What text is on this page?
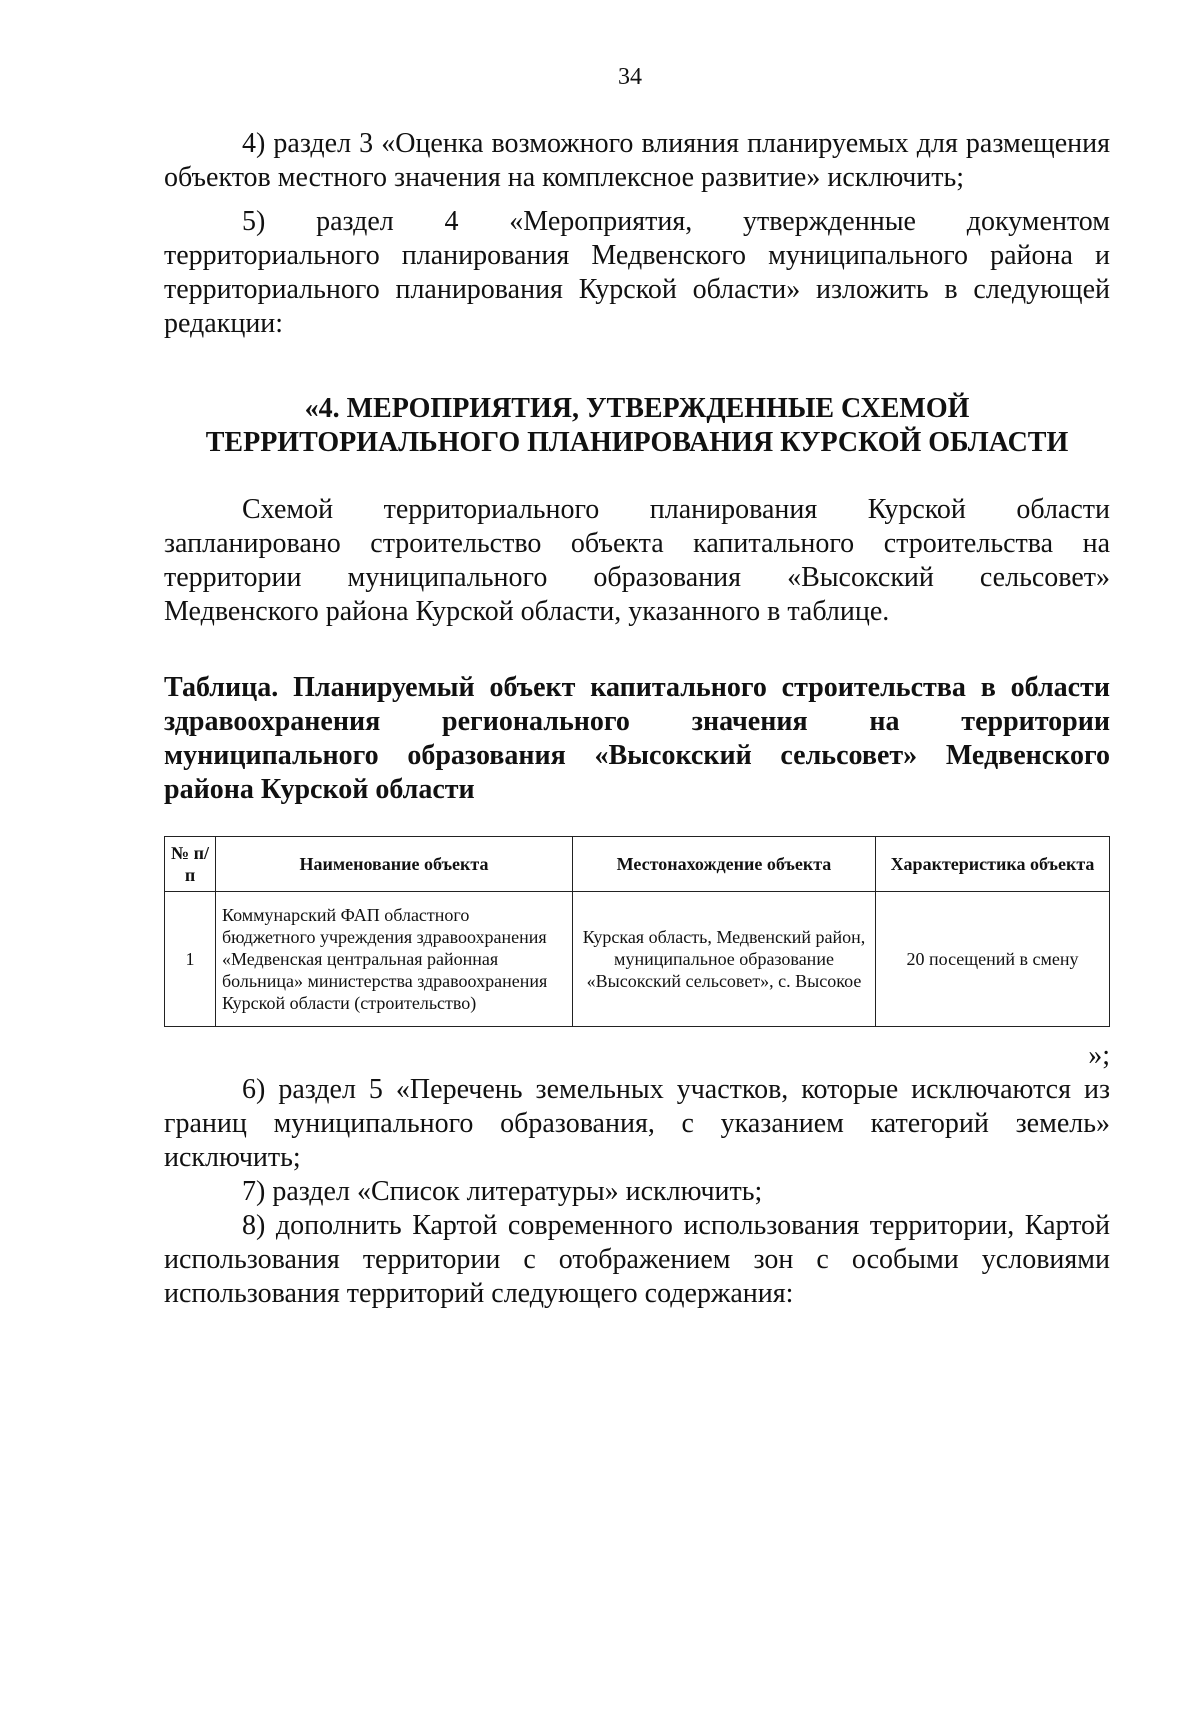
34
4) раздел 3 «Оценка возможного влияния планируемых для размещения объектов местного значения на комплексное развитие» исключить;
5) раздел 4 «Мероприятия, утвержденные документом территориального планирования Медвенского муниципального района и территориального планирования Курской области» изложить в следующей редакции:
«4. МЕРОПРИЯТИЯ, УТВЕРЖДЕННЫЕ СХЕМОЙ
ТЕРРИТОРИАЛЬНОГО ПЛАНИРОВАНИЯ КУРСКОЙ ОБЛАСТИ
Схемой территориального планирования Курской области запланировано строительство объекта капитального строительства на территории муниципального образования «Высокский сельсовет» Медвенского района Курской области, указанного в таблице.
Таблица. Планируемый объект капитального строительства в области здравоохранения регионального значения на территории муниципального образования «Высокский сельсовет» Медвенского района Курской области
№ п/п	Наименование объекта	Местонахождение объекта	Характеристика объекта
1	Коммунарский ФАП областного бюджетного учреждения здравоохранения «Медвенская центральная районная больница» министерства здравоохранения Курской области (строительство)	Курская область, Медвенский район, муниципальное образование «Высокский сельсовет», с. Высокое	20 посещений в смену
»;
6) раздел 5 «Перечень земельных участков, которые исключаются из границ муниципального образования, с указанием категорий земель» исключить;
7) раздел «Список литературы» исключить;
8) дополнить Картой современного использования территории, Картой использования территории с отображением зон с особыми условиями использования территорий следующего содержания:
